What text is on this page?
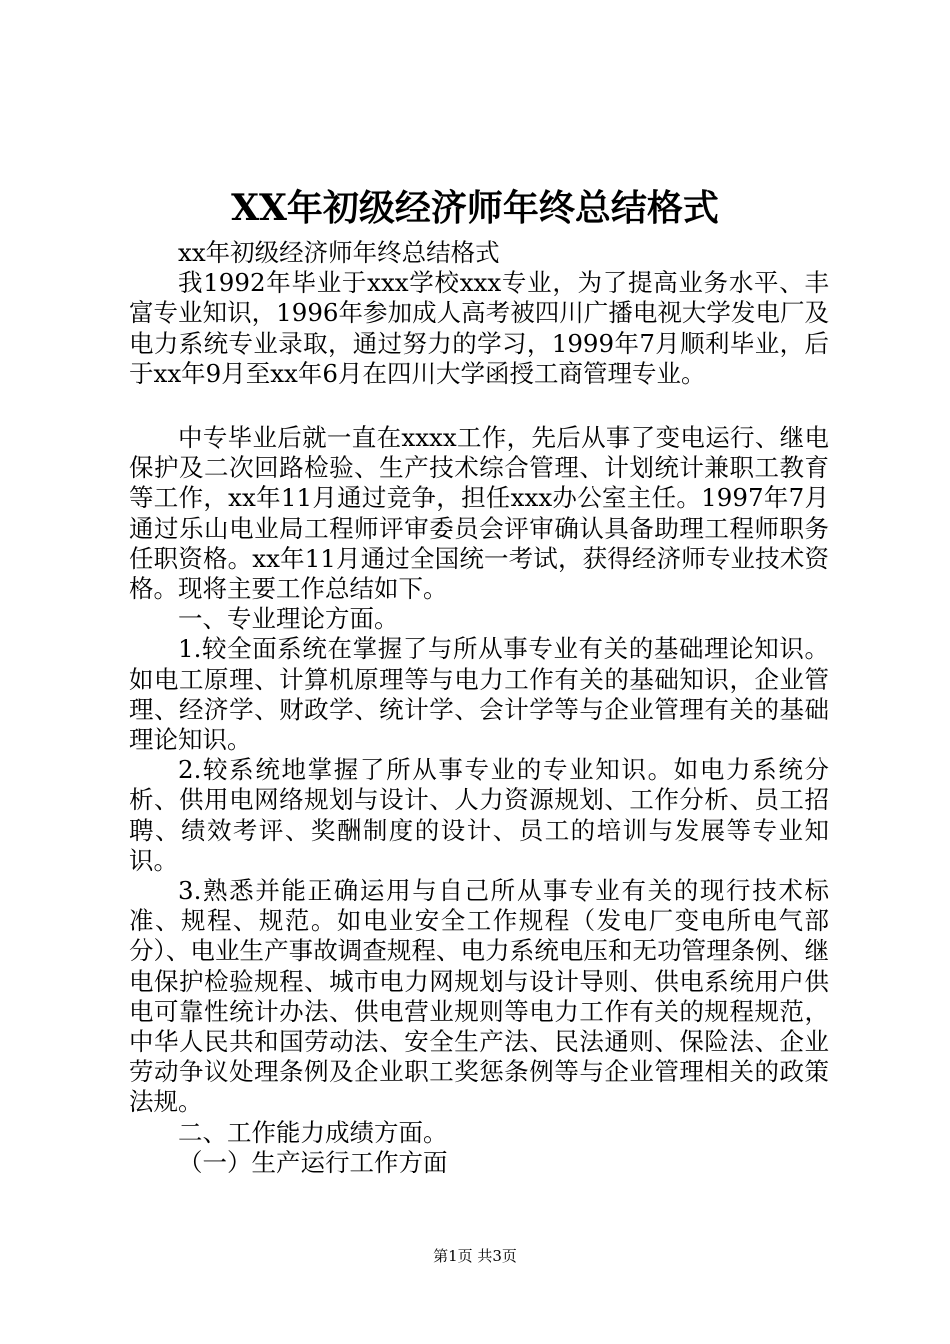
XX年初级经济师年终总结格式

xx年初级经济师年终总结格式

我1992年毕业于xxx学校xxx专业，为了提高业务水平、丰富专业知识，1996年参加成人高考被四川广播电视大学发电厂及电力系统专业录取，通过努力的学习，1999年7月顺利毕业，后于xx年9月至xx年6月在四川大学函授工商管理专业。

中专毕业后就一直在xxxx工作，先后从事了变电运行、继电保护及二次回路检验、生产技术综合管理、计划统计兼职工教育等工作，xx年11月通过竞争，担任xxx办公室主任。1997年7月通过乐山电业局工程师评审委员会评审确认具备助理工程师职务任职资格。xx年11月通过全国统一考试，获得经济师专业技术资格。现将主要工作总结如下。

一、专业理论方面。

1.较全面系统在掌握了与所从事专业有关的基础理论知识。如电工原理、计算机原理等与电力工作有关的基础知识，企业管理、经济学、财政学、统计学、会计学等与企业管理有关的基础理论知识。

2.较系统地掌握了所从事专业的专业知识。如电力系统分析、供用电网络规划与设计、人力资源规划、工作分析、员工招聘、绩效考评、奖酬制度的设计、员工的培训与发展等专业知识。

3.熟悉并能正确运用与自己所从事专业有关的现行技术标准、规程、规范。如电业安全工作规程（发电厂变电所电气部分）、电业生产事故调查规程、电力系统电压和无功管理条例、继电保护检验规程、城市电力网规划与设计导则、供电系统用户供电可靠性统计办法、供电营业规则等电力工作有关的规程规范，中华人民共和国劳动法、安全生产法、民法通则、保险法、企业劳动争议处理条例及企业职工奖惩条例等与企业管理相关的政策法规。

二、工作能力成绩方面。

（一）生产运行工作方面

第1页 共3页
